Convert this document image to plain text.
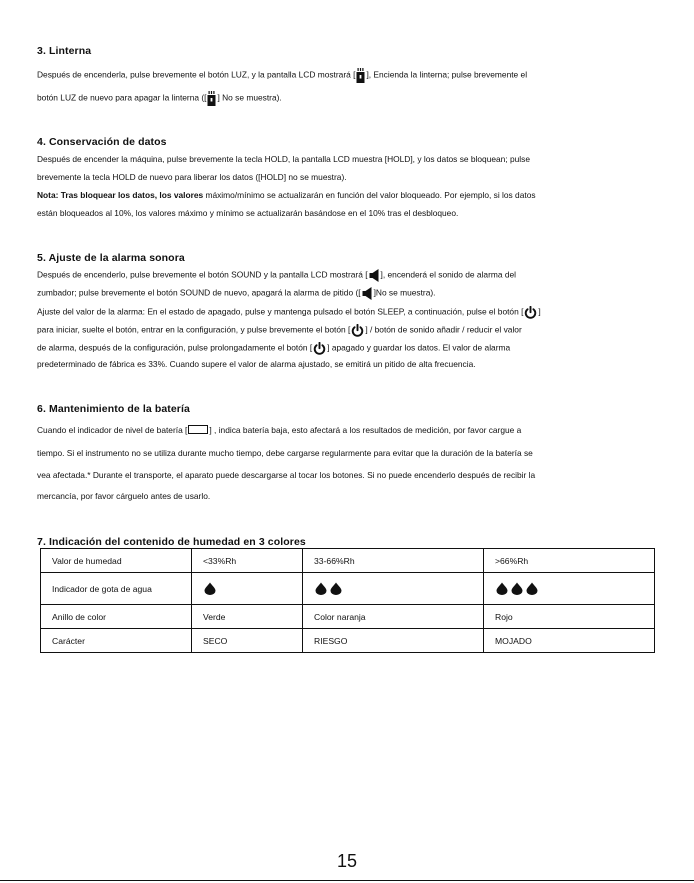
3. Linterna

Después de encenderla, pulse brevemente el botón LUZ, y la pantalla LCD mostrará [ ], Encienda la linterna; pulse brevemente el

botón LUZ de nuevo para apagar la linterna ([ ] No se muestra).

4. Conservación de datos

Después de encender la máquina, pulse brevemente la tecla HOLD, la pantalla LCD muestra [HOLD], y los datos se bloquean; pulse

brevemente la tecla HOLD de nuevo para liberar los datos ([HOLD] no se muestra).

Nota: Tras bloquear los datos, los valores máximo/mínimo se actualizarán en función del valor bloqueado. Por ejemplo, si los datos

están bloqueados al 10%, los valores máximo y mínimo se actualizarán basándose en el 10% tras el desbloqueo.

5. Ajuste de la alarma sonora

Después de encenderlo, pulse brevemente el botón SOUND y la pantalla LCD mostrará [ ], encenderá el sonido de alarma del

zumbador; pulse brevemente el botón SOUND de nuevo, apagará la alarma de pitido ([ ]No se muestra).

Ajuste del valor de la alarma: En el estado de apagado, pulse y mantenga pulsado el botón SLEEP, a continuación, pulse el botón [ ]

para iniciar, suelte el botón, entrar en la configuración, y pulse brevemente el botón [ ] / botón de sonido añadir / reducir el valor

de alarma, después de la configuración, pulse prolongadamente el botón [ ] apagado y guardar los datos. El valor de alarma

predeterminado de fábrica es 33%. Cuando supere el valor de alarma ajustado, se emitirá un pitido de alta frecuencia.

6. Mantenimiento de la batería

Cuando el indicador de nivel de batería [	] , indica batería baja, esto afectará a los resultados de medición, por favor cargue a

tiempo. Si el instrumento no se utiliza durante mucho tiempo, debe cargarse regularmente para evitar que la duración de la batería se

vea afectada.* Durante el transporte, el aparato puede descargarse al tocar los botones. Si no puede encenderlo después de recibir la

mercancía, por favor cárguelo antes de usarlo.

7. Indicación del contenido de humedad en 3 colores
Valor de humedad	<33%Rh	33-66%Rh	>66%Rh
Indicador de gota de agua			
Anillo de color	Verde	Color naranja	Rojo
Carácter	SECO	RIESGO	MOJADO
15
